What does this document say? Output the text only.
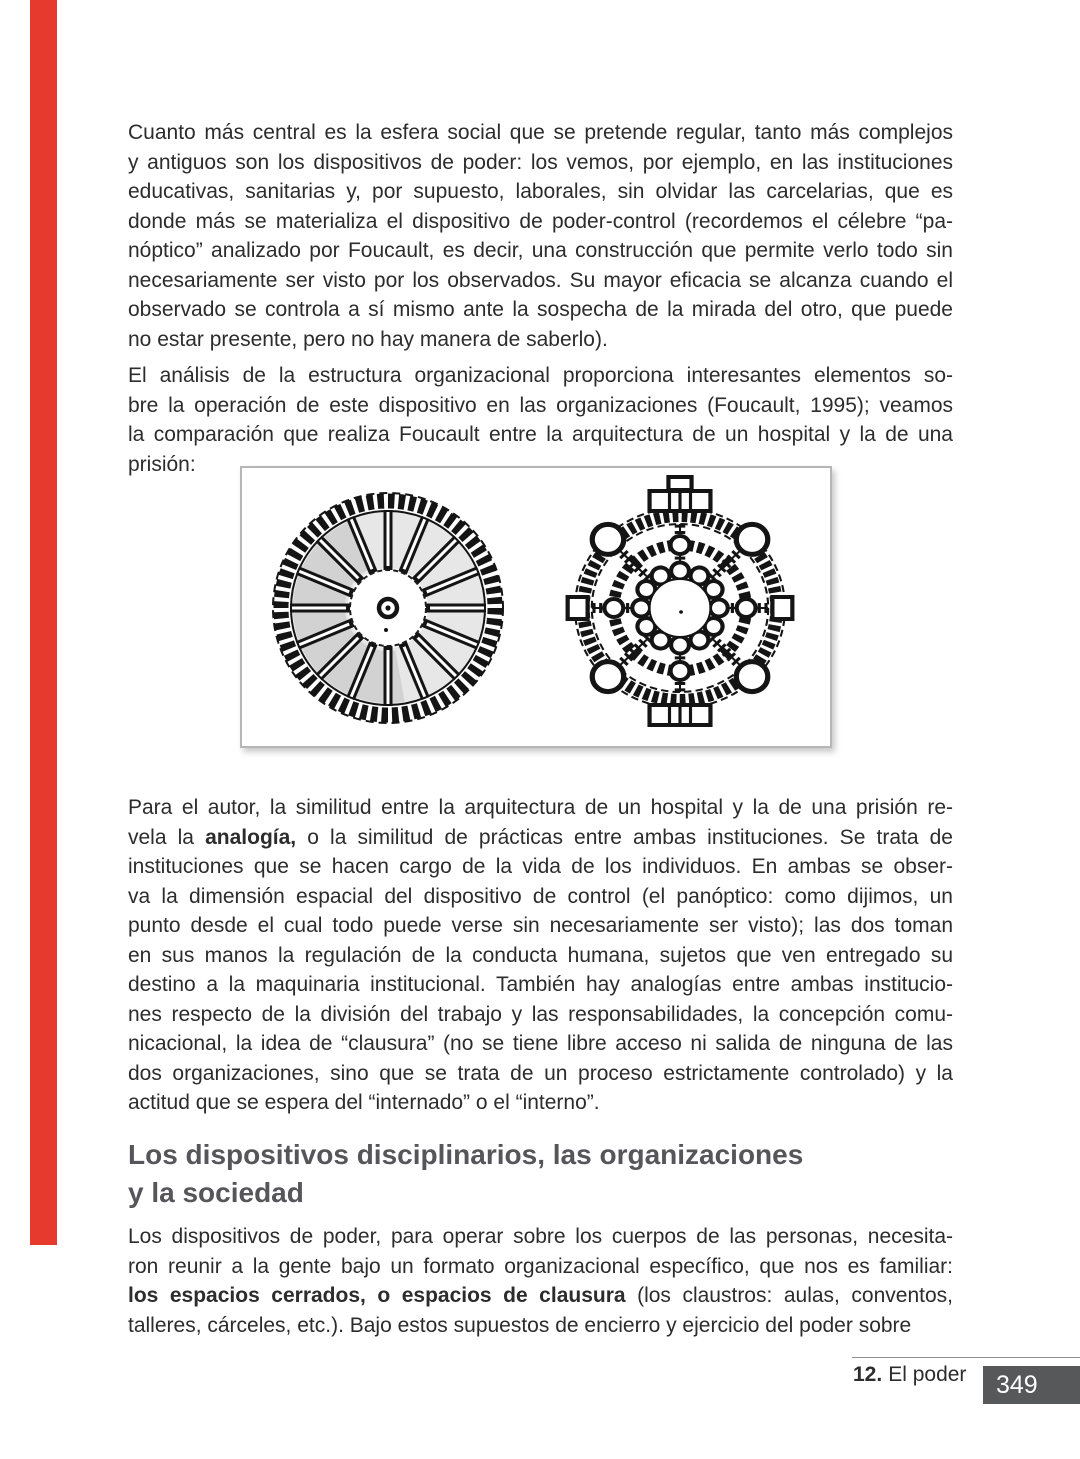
Cuanto más central es la esfera social que se pretende regular, tanto más complejos
y antiguos son los dispositivos de poder: los vemos, por ejemplo, en las instituciones
educativas, sanitarias y, por supuesto, laborales, sin olvidar las carcelarias, que es
donde más se materializa el dispositivo de poder-control (recordemos el célebre “pa-
nóptico” analizado por Foucault, es decir, una construcción que permite verlo todo sin
necesariamente ser visto por los observados. Su mayor eficacia se alcanza cuando el
observado se controla a sí mismo ante la sospecha de la mirada del otro, que puede
no estar presente, pero no hay manera de saberlo).
El análisis de la estructura organizacional proporciona interesantes elementos so-
bre la operación de este dispositivo en las organizaciones (Foucault, 1995); veamos
la comparación que realiza Foucault entre la arquitectura de un hospital y la de una
prisión:
Para el autor, la similitud entre la arquitectura de un hospital y la de una prisión re-
vela la analogía, o la similitud de prácticas entre ambas instituciones. Se trata de
instituciones que se hacen cargo de la vida de los individuos. En ambas se obser-
va la dimensión espacial del dispositivo de control (el panóptico: como dijimos, un
punto desde el cual todo puede verse sin necesariamente ser visto); las dos toman
en sus manos la regulación de la conducta humana, sujetos que ven entregado su
destino a la maquinaria institucional. También hay analogías entre ambas institucio-
nes respecto de la división del trabajo y las responsabilidades, la concepción comu-
nicacional, la idea de “clausura” (no se tiene libre acceso ni salida de ninguna de las
dos organizaciones, sino que se trata de un proceso estrictamente controlado) y la
actitud que se espera del “internado” o el “interno”.
Los dispositivos disciplinarios, las organizaciones
y la sociedad
Los dispositivos de poder, para operar sobre los cuerpos de las personas, necesita-
ron reunir a la gente bajo un formato organizacional específico, que nos es familiar:
los espacios cerrados, o espacios de clausura (los claustros: aulas, conventos,
talleres, cárceles, etc.). Bajo estos supuestos de encierro y ejercicio del poder sobre
12. El poder	349
